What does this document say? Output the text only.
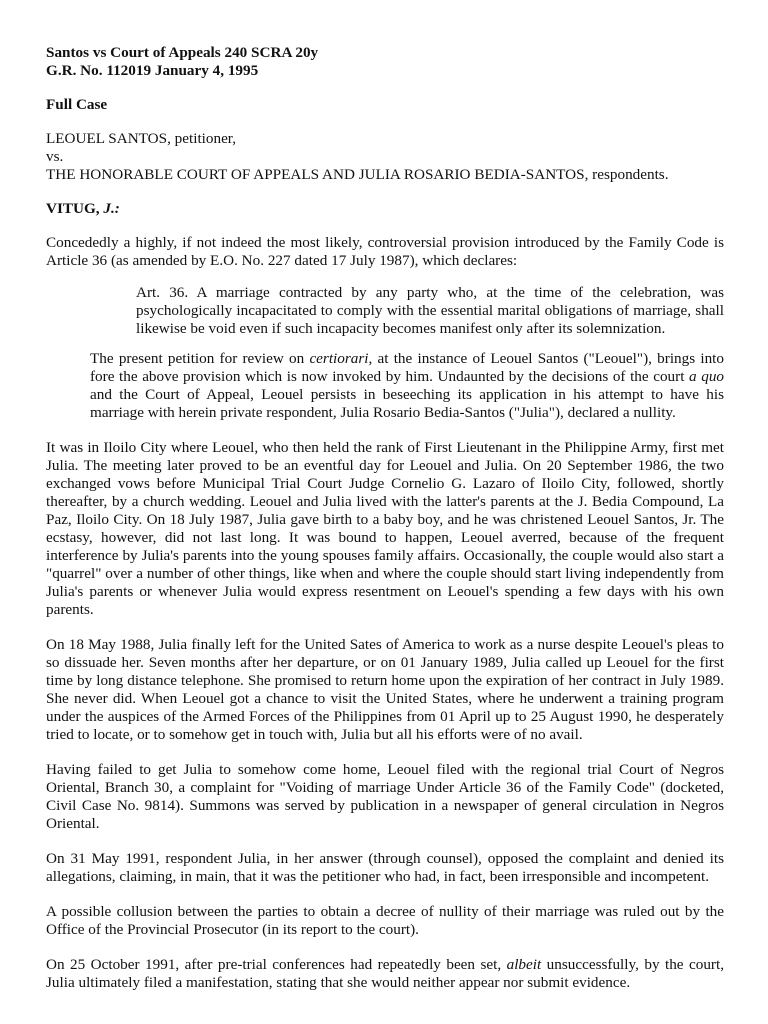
Santos vs Court of Appeals 240 SCRA 20y
G.R. No. 112019 January 4, 1995
Full Case
LEOUEL SANTOS, petitioner,
vs.
THE HONORABLE COURT OF APPEALS AND JULIA ROSARIO BEDIA-SANTOS, respondents.
VITUG, J.:

Concededly a highly, if not indeed the most likely, controversial provision introduced by the Family Code is Article 36 (as amended by E.O. No. 227 dated 17 July 1987), which declares:

Art. 36. A marriage contracted by any party who, at the time of the celebration, was psychologically incapacitated to comply with the essential marital obligations of marriage, shall likewise be void even if such incapacity becomes manifest only after its solemnization.

The present petition for review on certiorari, at the instance of Leouel Santos ("Leouel"), brings into fore the above provision which is now invoked by him. Undaunted by the decisions of the court a quo and the Court of Appeal, Leouel persists in beseeching its application in his attempt to have his marriage with herein private respondent, Julia Rosario Bedia-Santos ("Julia"), declared a nullity.

It was in Iloilo City where Leouel, who then held the rank of First Lieutenant in the Philippine Army, first met Julia. The meeting later proved to be an eventful day for Leouel and Julia. On 20 September 1986, the two exchanged vows before Municipal Trial Court Judge Cornelio G. Lazaro of Iloilo City, followed, shortly thereafter, by a church wedding. Leouel and Julia lived with the latter's parents at the J. Bedia Compound, La Paz, Iloilo City. On 18 July 1987, Julia gave birth to a baby boy, and he was christened Leouel Santos, Jr. The ecstasy, however, did not last long. It was bound to happen, Leouel averred, because of the frequent interference by Julia's parents into the young spouses family affairs. Occasionally, the couple would also start a "quarrel" over a number of other things, like when and where the couple should start living independently from Julia's parents or whenever Julia would express resentment on Leouel's spending a few days with his own parents.

On 18 May 1988, Julia finally left for the United Sates of America to work as a nurse despite Leouel's pleas to so dissuade her. Seven months after her departure, or on 01 January 1989, Julia called up Leouel for the first time by long distance telephone. She promised to return home upon the expiration of her contract in July 1989. She never did. When Leouel got a chance to visit the United States, where he underwent a training program under the auspices of the Armed Forces of the Philippines from 01 April up to 25 August 1990, he desperately tried to locate, or to somehow get in touch with, Julia but all his efforts were of no avail.

Having failed to get Julia to somehow come home, Leouel filed with the regional trial Court of Negros Oriental, Branch 30, a complaint for "Voiding of marriage Under Article 36 of the Family Code" (docketed, Civil Case No. 9814). Summons was served by publication in a newspaper of general circulation in Negros Oriental.

On 31 May 1991, respondent Julia, in her answer (through counsel), opposed the complaint and denied its allegations, claiming, in main, that it was the petitioner who had, in fact, been irresponsible and incompetent.

A possible collusion between the parties to obtain a decree of nullity of their marriage was ruled out by the Office of the Provincial Prosecutor (in its report to the court).

On 25 October 1991, after pre-trial conferences had repeatedly been set, albeit unsuccessfully, by the court, Julia ultimately filed a manifestation, stating that she would neither appear nor submit evidence.
